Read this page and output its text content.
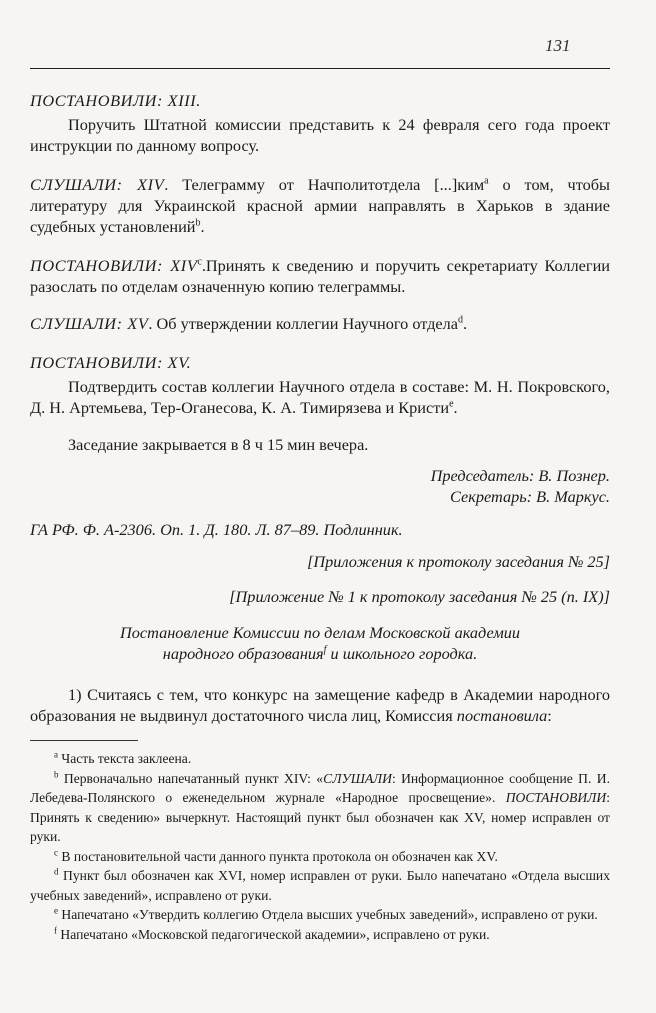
131

ПОСТАНОВИЛИ: XIII.

Поручить Штатной комиссии представить к 24 февраля сего года проект инструкции по данному вопросу.

СЛУШАЛИ: XIV. Телеграмму от Начполитотдела [...]ким$^a$ о том, чтобы литературу для Украинской красной армии направлять в Харьков в здание судебных установлений$^b$.

ПОСТАНОВИЛИ: XIV$^c$.Принять к сведению и поручить секретариату Коллегии разослать по отделам означенную копию телеграммы.

СЛУШАЛИ: XV. Об утверждении коллегии Научного отдела$^d$.

ПОСТАНОВИЛИ: XV.

Подтвердить состав коллегии Научного отдела в составе: М. Н. Покровского, Д. Н. Артемьева, Тер-Оганесова, К. А. Тимирязева и Кристи$^e$.

Заседание закрывается в 8 ч 15 мин вечера.

Председатель: В. Познер.

Секретарь: В. Маркус.

ГА РФ. Ф. А-2306. Оп. 1. Д. 180. Л. 87–89. Подлинник.

[Приложения к протоколу заседания № 25]

[Приложение № 1 к протоколу заседания № 25 (п. IX)]

Постановление Комиссии по делам Московской академии
народного образования$^f$ и школьного городка.

1) Считаясь с тем, что конкурс на замещение кафедр в Академии народного образования не выдвинул достаточного числа лиц, Комиссия постановила:

$^a$ Часть текста заклеена.

$^b$ Первоначально напечатанный пункт XIV: «СЛУШАЛИ: Информационное сообщение П. И. Лебедева-Полянского о еженедельном журнале «Народное просвещение». ПОСТАНОВИЛИ: Принять к сведению» вычеркнут. Настоящий пункт был обозначен как XV, номер исправлен от руки.

$^c$ В постановительной части данного пункта протокола он обозначен как XV.

$^d$ Пункт был обозначен как XVI, номер исправлен от руки. Было напечатано «Отдела высших учебных заведений», исправлено от руки.

$^e$ Напечатано «Утвердить коллегию Отдела высших учебных заведений», исправлено от руки.

$^f$ Напечатано «Московской педагогической академии», исправлено от руки.
